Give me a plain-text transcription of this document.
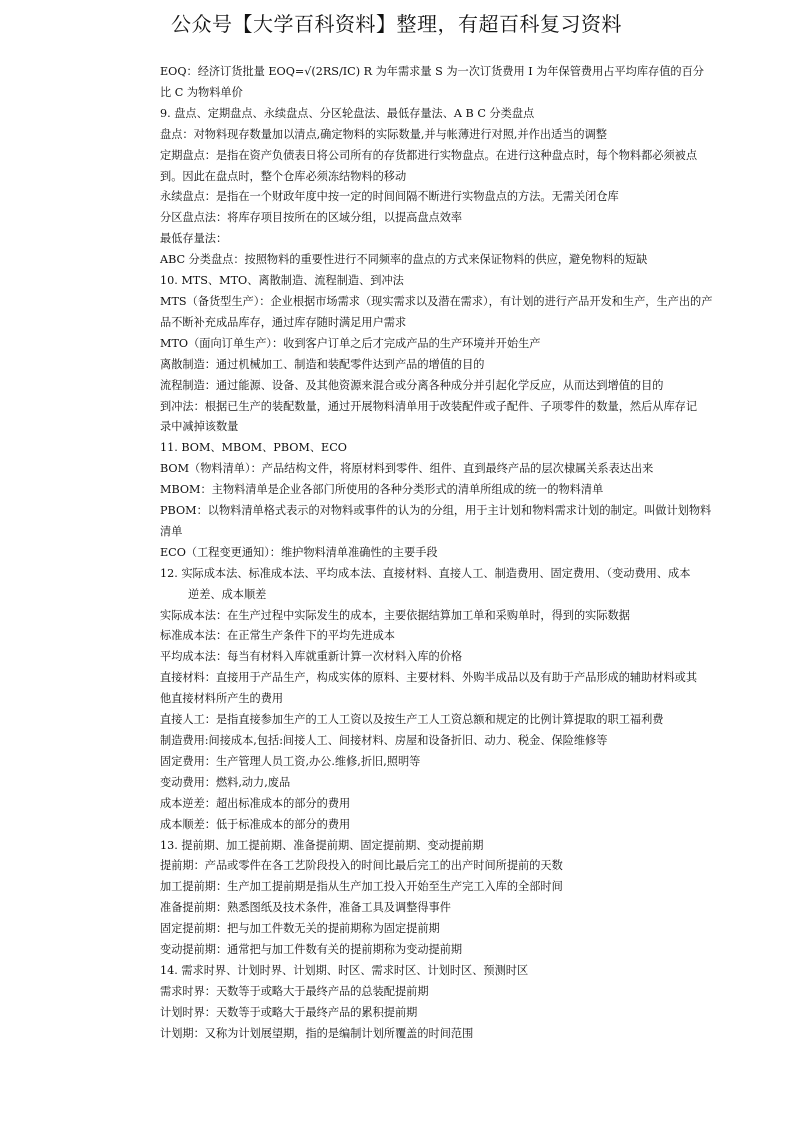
公众号【大学百科资料】整理，有超百科复习资料
EOQ：经济订货批量 EOQ=√(2RS/IC) R 为年需求量 S 为一次订货费用 I 为年保管费用占平均库存值的百分
比 C 为物料单价
9. 盘点、定期盘点、永续盘点、分区轮盘法、最低存量法、A B C 分类盘点
盘点：对物料现存数量加以清点,确定物料的实际数量,并与帐薄进行对照,并作出适当的调整
定期盘点：是指在资产负债表日将公司所有的存货都进行实物盘点。在进行这种盘点时，每个物料都必须被点
到。因此在盘点时，整个仓库必须冻结物料的移动
永续盘点：是指在一个财政年度中按一定的时间间隔不断进行实物盘点的方法。无需关闭仓库
分区盘点法：将库存项目按所在的区域分组，以提高盘点效率
最低存量法：
ABC 分类盘点：按照物料的重要性进行不同频率的盘点的方式来保证物料的供应，避免物料的短缺
10. MTS、MTO、离散制造、流程制造、到冲法
MTS（备货型生产）：企业根据市场需求（现实需求以及潜在需求），有计划的进行产品开发和生产，生产出的产
品不断补充成品库存，通过库存随时满足用户需求
MTO（面向订单生产）：收到客户订单之后才完成产品的生产环境并开始生产
离散制造：通过机械加工、制造和装配零件达到产品的增值的目的
流程制造：通过能源、设备、及其他资源来混合或分离各种成分并引起化学反应，从而达到增值的目的
到冲法：根据已生产的装配数量，通过开展物料清单用于改装配件或子配件、子项零件的数量，然后从库存记
录中减掉该数量
11. BOM、MBOM、PBOM、ECO
BOM（物料清单）：产品结构文件，将原材料到零件、组件、直到最终产品的层次棣属关系表达出来
MBOM：主物料清单是企业各部门所使用的各种分类形式的清单所组成的统一的物料清单
PBOM：以物料清单格式表示的对物料或事件的认为的分组，用于主计划和物料需求计划的制定。叫做计划物料
清单
ECO（工程变更通知）：维护物料清单准确性的主要手段
12. 实际成本法、标准成本法、平均成本法、直接材料、直接人工、制造费用、固定费用、（变动费用、成本
逆差、成本顺差
实际成本法：在生产过程中实际发生的成本，主要依据结算加工单和采购单时，得到的实际数据
标准成本法：在正常生产条件下的平均先进成本
平均成本法：每当有材料入库就重新计算一次材料入库的价格
直接材料：直接用于产品生产，构成实体的原料、主要材料、外购半成品以及有助于产品形成的辅助材料或其
他直接材料所产生的费用
直接人工：是指直接参加生产的工人工资以及按生产工人工资总额和规定的比例计算提取的职工福利费
制造费用:间接成本,包括:间接人工、间接材料、房屋和设备折旧、动力、税金、保险维修等
固定费用：生产管理人员工资,办公.维修,折旧,照明等
变动费用：燃料,动力,废品
成本逆差：超出标准成本的部分的费用
成本顺差：低于标准成本的部分的费用
13. 提前期、加工提前期、准备提前期、固定提前期、变动提前期
提前期：产品或零件在各工艺阶段投入的时间比最后完工的出产时间所提前的天数
加工提前期：生产加工提前期是指从生产加工投入开始至生产完工入库的全部时间
准备提前期：熟悉图纸及技术条件，准备工具及调整得事件
固定提前期：把与加工件数无关的提前期称为固定提前期
变动提前期：通常把与加工件数有关的提前期称为变动提前期
14. 需求时界、计划时界、计划期、时区、需求时区、计划时区、预测时区
需求时界：天数等于或略大于最终产品的总装配提前期
计划时界：天数等于或略大于最终产品的累积提前期
计划期：又称为计划展望期，指的是编制计划所覆盖的时间范围
